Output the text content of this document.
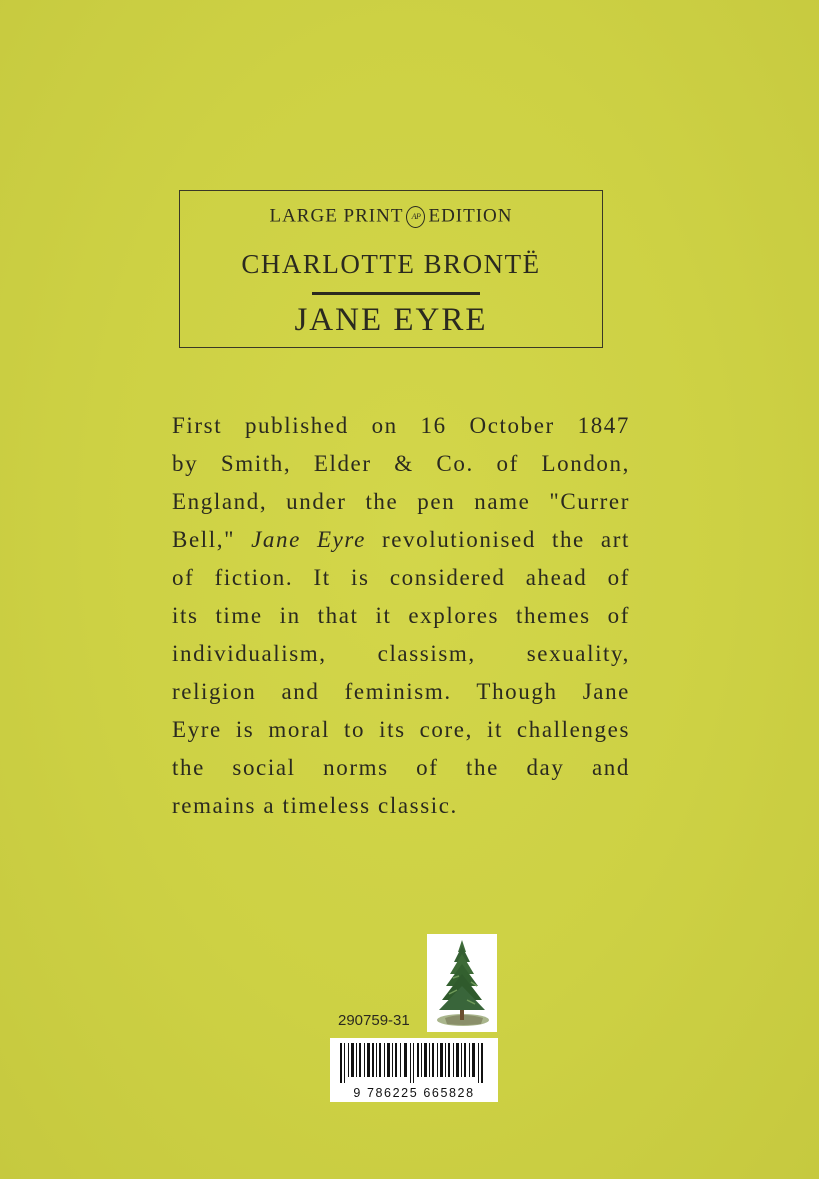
LARGE PRINT AP EDITION
CHARLOTTE BRONTË
JANE EYRE
First published on 16 October 1847
by Smith, Elder & Co. of London,
England, under the pen name "Currer
Bell," Jane Eyre revolutionised the art
of fiction. It is considered ahead of
its time in that it explores themes of
individualism, classism, sexuality,
religion and feminism. Though Jane
Eyre is moral to its core, it challenges
the social norms of the day and
remains a timeless classic.
290759-31
9 786225 665828
